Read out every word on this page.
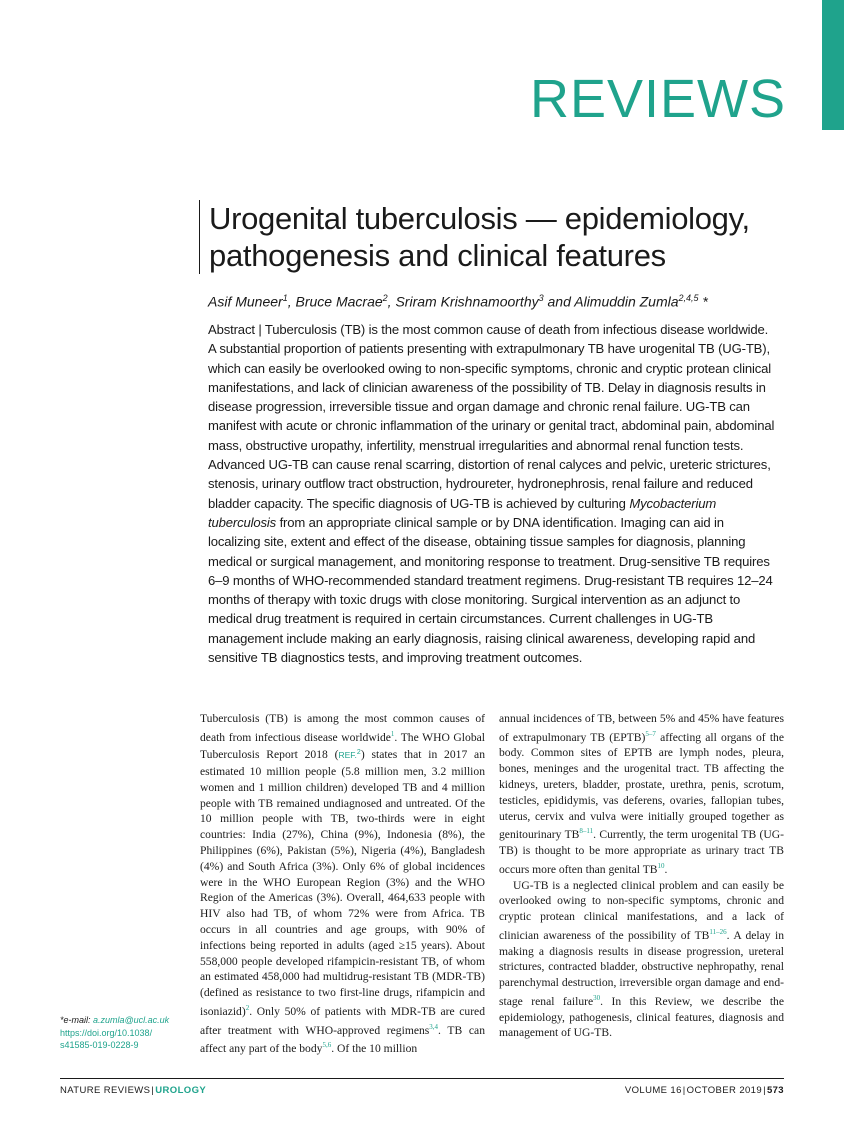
REVIEWS
Urogenital tuberculosis — epidemiology,
pathogenesis and clinical features
Asif Muneer$^1$, Bruce Macrae$^2$, Sriram Krishnamoorthy$^3$ and Alimuddin Zumla$^{2,4,5}$ *
Abstract | Tuberculosis (TB) is the most common cause of death from infectious disease worldwide. A substantial proportion of patients presenting with extrapulmonary TB have urogenital TB (UG-TB), which can easily be overlooked owing to non-specific symptoms, chronic and cryptic protean clinical manifestations, and lack of clinician awareness of the possibility of TB. Delay in diagnosis results in disease progression, irreversible tissue and organ damage and chronic renal failure. UG-TB can manifest with acute or chronic inflammation of the urinary or genital tract, abdominal pain, abdominal mass, obstructive uropathy, infertility, menstrual irregularities and abnormal renal function tests. Advanced UG-TB can cause renal scarring, distortion of renal calyces and pelvic, ureteric strictures, stenosis, urinary outflow tract obstruction, hydroureter, hydronephrosis, renal failure and reduced bladder capacity. The specific diagnosis of UG-TB is achieved by culturing Mycobacterium tuberculosis from an appropriate clinical sample or by DNA identification. Imaging can aid in localizing site, extent and effect of the disease, obtaining tissue samples for diagnosis, planning medical or surgical management, and monitoring response to treatment. Drug-sensitive TB requires 6–9 months of WHO-recommended standard treatment regimens. Drug-resistant TB requires 12–24 months of therapy with toxic drugs with close monitoring. Surgical intervention as an adjunct to medical drug treatment is required in certain circumstances. Current challenges in UG-TB management include making an early diagnosis, raising clinical awareness, developing rapid and sensitive TB diagnostics tests, and improving treatment outcomes.

Tuberculosis (TB) is among the most common causes of death from infectious disease worldwide$^1$. The WHO Global Tuberculosis Report 2018 (REF.$^2$) states that in 2017 an estimated 10 million people (5.8 million men, 3.2 million women and 1 million children) developed TB and 4 million people with TB remained undiagnosed and untreated. Of the 10 million people with TB, two-thirds were in eight countries: India (27%), China (9%), Indonesia (8%), the Philippines (6%), Pakistan (5%), Nigeria (4%), Bangladesh (4%) and South Africa (3%). Only 6% of global incidences were in the WHO European Region (3%) and the WHO Region of the Americas (3%). Overall, 464,633 people with HIV also had TB, of whom 72% were from Africa. TB occurs in all countries and age groups, with 90% of infections being reported in adults (aged ≥15 years). About 558,000 people developed rifampicin-resistant TB, of whom an estimated 458,000 had multidrug-resistant TB (MDR-TB) (defined as resistance to two first-line drugs, rifampicin and isoniazid)$^2$. Only 50% of patients with MDR-TB are cured after treatment with WHO-approved regimens$^{3,4}$. TB can affect any part of the body$^{5,6}$. Of the 10 million

annual incidences of TB, between 5% and 45% have features of extrapulmonary TB (EPTB)$^{5-7}$ affecting all organs of the body. Common sites of EPTB are lymph nodes, pleura, bones, meninges and the urogenital tract. TB affecting the kidneys, ureters, bladder, prostate, urethra, penis, scrotum, testicles, epididymis, vas deferens, ovaries, fallopian tubes, uterus, cervix and vulva were initially grouped together as genitourinary TB$^{8-11}$. Currently, the term urogenital TB (UG-TB) is thought to be more appropriate as urinary tract TB occurs more often than genital TB$^{10}$.

UG-TB is a neglected clinical problem and can easily be overlooked owing to non-specific symptoms, chronic and cryptic protean clinical manifestations, and a lack of clinician awareness of the possibility of TB$^{11-26}$. A delay in making a diagnosis results in disease progression, ureteral strictures, contracted bladder, obstructive nephropathy, renal parenchymal destruction, irreversible organ damage and end-stage renal failure$^{30}$. In this Review, we describe the epidemiology, pathogenesis, clinical features, diagnosis and management of UG-TB.

*e-mail: a.zumla@ucl.ac.uk
https://doi.org/10.1038/
s41585-019-0228-9
NATURE REVIEWS|UROLOGY	VOLUME 16|OCTOBER 2019|573
